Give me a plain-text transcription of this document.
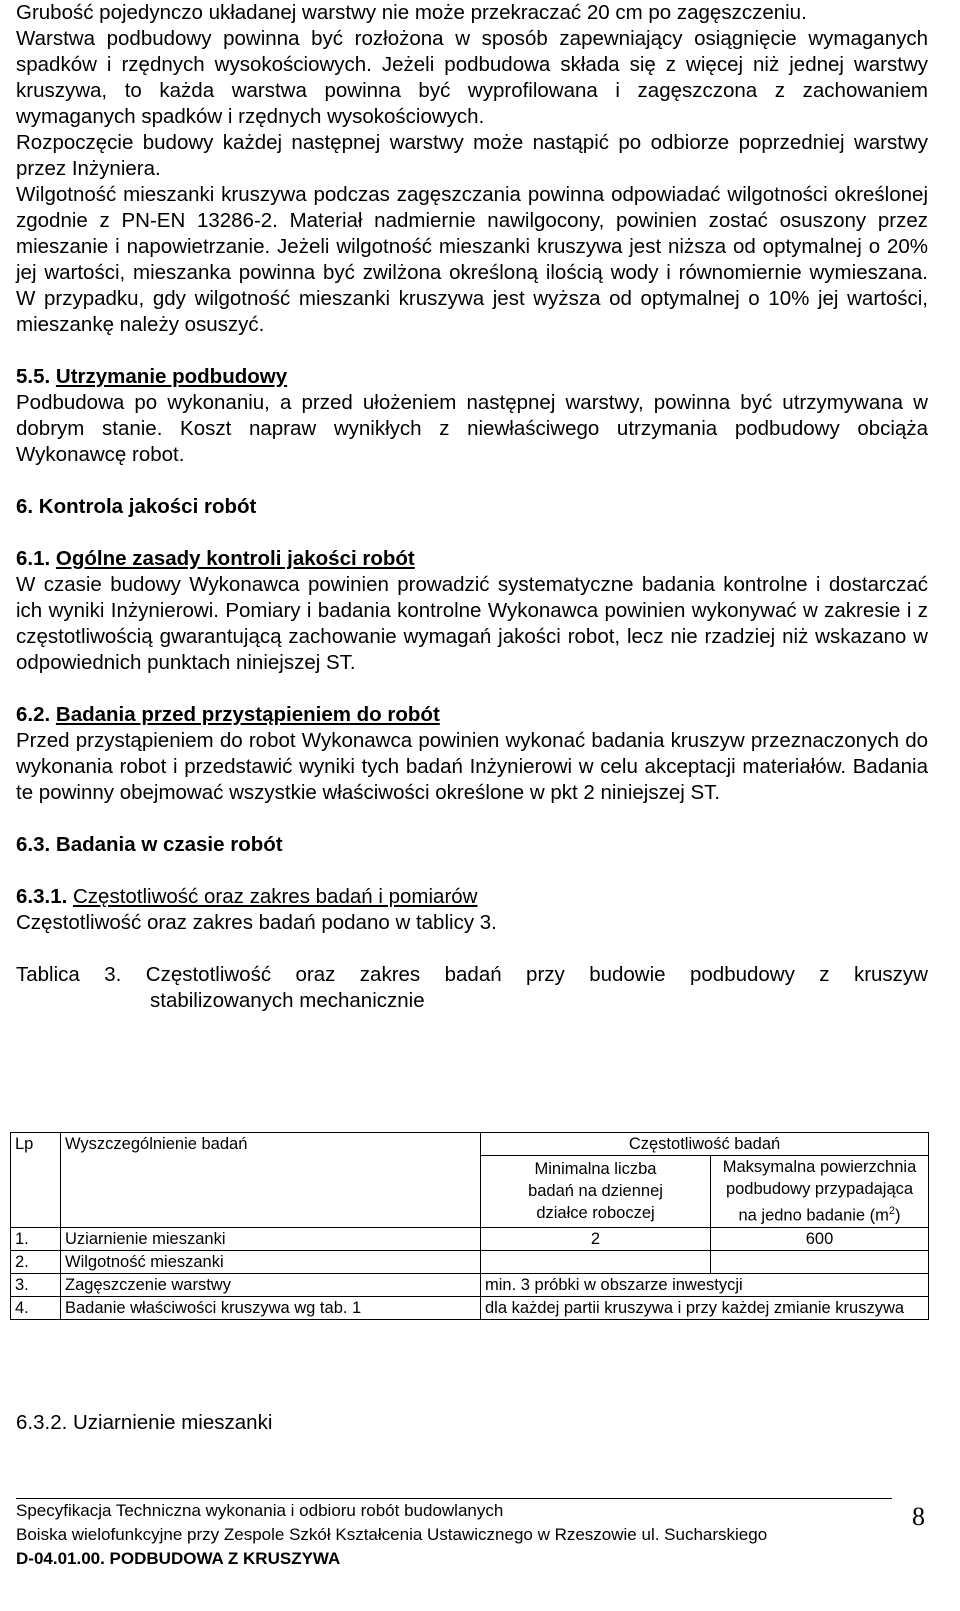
Grubość pojedynczo układanej warstwy nie może przekraczać 20 cm po zagęszczeniu.

Warstwa podbudowy powinna być rozłożona w sposób zapewniający osiągnięcie wymaganych spadków i rzędnych wysokościowych. Jeżeli podbudowa składa się z więcej niż jednej warstwy kruszywa, to każda warstwa powinna być wyprofilowana i zagęszczona z zachowaniem wymaganych spadków i rzędnych wysokościowych.

Rozpoczęcie budowy każdej następnej warstwy może nastąpić po odbiorze poprzedniej warstwy przez Inżyniera.

Wilgotność mieszanki kruszywa podczas zagęszczania powinna odpowiadać wilgotności określonej zgodnie z PN-EN 13286-2. Materiał nadmiernie nawilgocony, powinien zostać osuszony przez mieszanie i napowietrzanie. Jeżeli wilgotność mieszanki kruszywa jest niższa od optymalnej o 20% jej wartości, mieszanka powinna być zwilżona określoną ilością wody i równomiernie wymieszana. W przypadku, gdy wilgotność mieszanki kruszywa jest wyższa od optymalnej o 10% jej wartości, mieszankę należy osuszyć.

5.5. Utrzymanie podbudowy

Podbudowa po wykonaniu, a przed ułożeniem następnej warstwy, powinna być utrzymywana w dobrym stanie. Koszt napraw wynikłych z niewłaściwego utrzymania podbudowy obciąża Wykonawcę robot.

6. Kontrola jakości robót

6.1. Ogólne zasady kontroli jakości robót

W czasie budowy Wykonawca powinien prowadzić systematyczne badania kontrolne i dostarczać ich wyniki Inżynierowi. Pomiary i badania kontrolne Wykonawca powinien wykonywać w zakresie i z częstotliwością gwarantującą zachowanie wymagań jakości robot, lecz nie rzadziej niż wskazano w odpowiednich punktach niniejszej ST.

6.2. Badania przed przystąpieniem do robót

Przed przystąpieniem do robot Wykonawca powinien wykonać badania kruszyw przeznaczonych do wykonania robot i przedstawić wyniki tych badań Inżynierowi w celu akceptacji materiałów. Badania te powinny obejmować wszystkie właściwości określone w pkt 2 niniejszej ST.

6.3. Badania w czasie robót

6.3.1. Częstotliwość oraz zakres badań i pomiarów

Częstotliwość oraz zakres badań podano w tablicy 3.

Tablica 3. Częstotliwość oraz zakres badań przy budowie podbudowy z kruszyw

stabilizowanych mechanicznie

Lp	Wyszczególnienie badań	Częstotliwość badań	
		Minimalna liczba badań na dziennej działce roboczej	Maksymalna powierzchnia podbudowy przypadająca na jedno badanie $(m^2)$
1.	Uziarnienie mieszanki	2	600
2.	Wilgotność mieszanki		
3.	Zagęszczenie warstwy	min. 3 próbki w obszarze inwestycji	
4.	Badanie właściwości kruszywa wg tab. 1	dla każdej partii kruszywa i przy każdej zmianie kruszywa	

6.3.2. Uziarnienie mieszanki

Specyfikacja Techniczna wykonania i odbioru robót budowlanych
Boiska wielofunkcyjne przy Zespole Szkół Kształcenia Ustawicznego w Rzeszowie ul. Sucharskiego
D-04.01.00. PODBUDOWA Z KRUSZYWA
8
